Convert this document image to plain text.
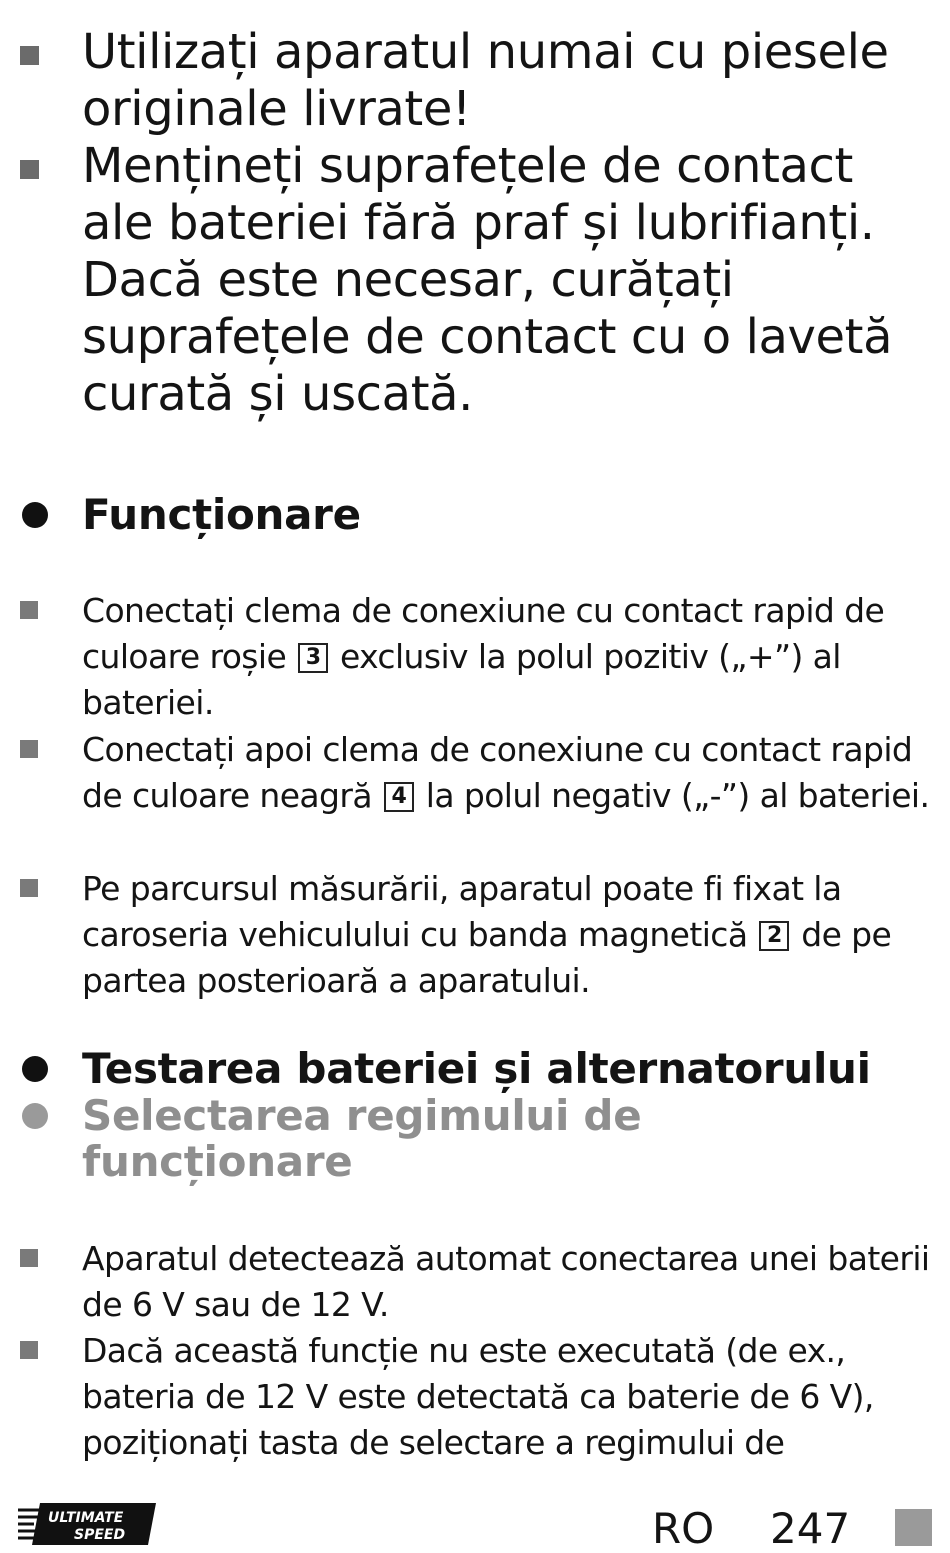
Utilizați aparatul numai cu piesele originale livrate!
Mențineți suprafețele de contact ale bateriei fără praf și lubrifianți. Dacă este necesar, curățați suprafețele de contact cu o lavetă curată și uscată.
Funcționare
Conectați clema de conexiune cu contact rapid de culoare roșie 3 exclusiv la polul pozitiv („+”) al bateriei.
Conectați apoi clema de conexiune cu contact rapid de culoare neagră 4 la polul negativ („-”) al bateriei.
Pe parcursul măsurării, aparatul poate fi fixat la caroseria vehiculului cu banda magnetică 2 de pe partea posterioară a aparatului.
Testarea bateriei și alternatorului
Selectarea regimului de funcționare
Aparatul detectează automat conectarea unei baterii de 6 V sau de 12 V.
Dacă această funcție nu este executată (de ex., bateria de 12 V este detectată ca baterie de 6 V), poziționați tasta de selectare a regimului de
ULTIMATE
SPEED	RO 247
